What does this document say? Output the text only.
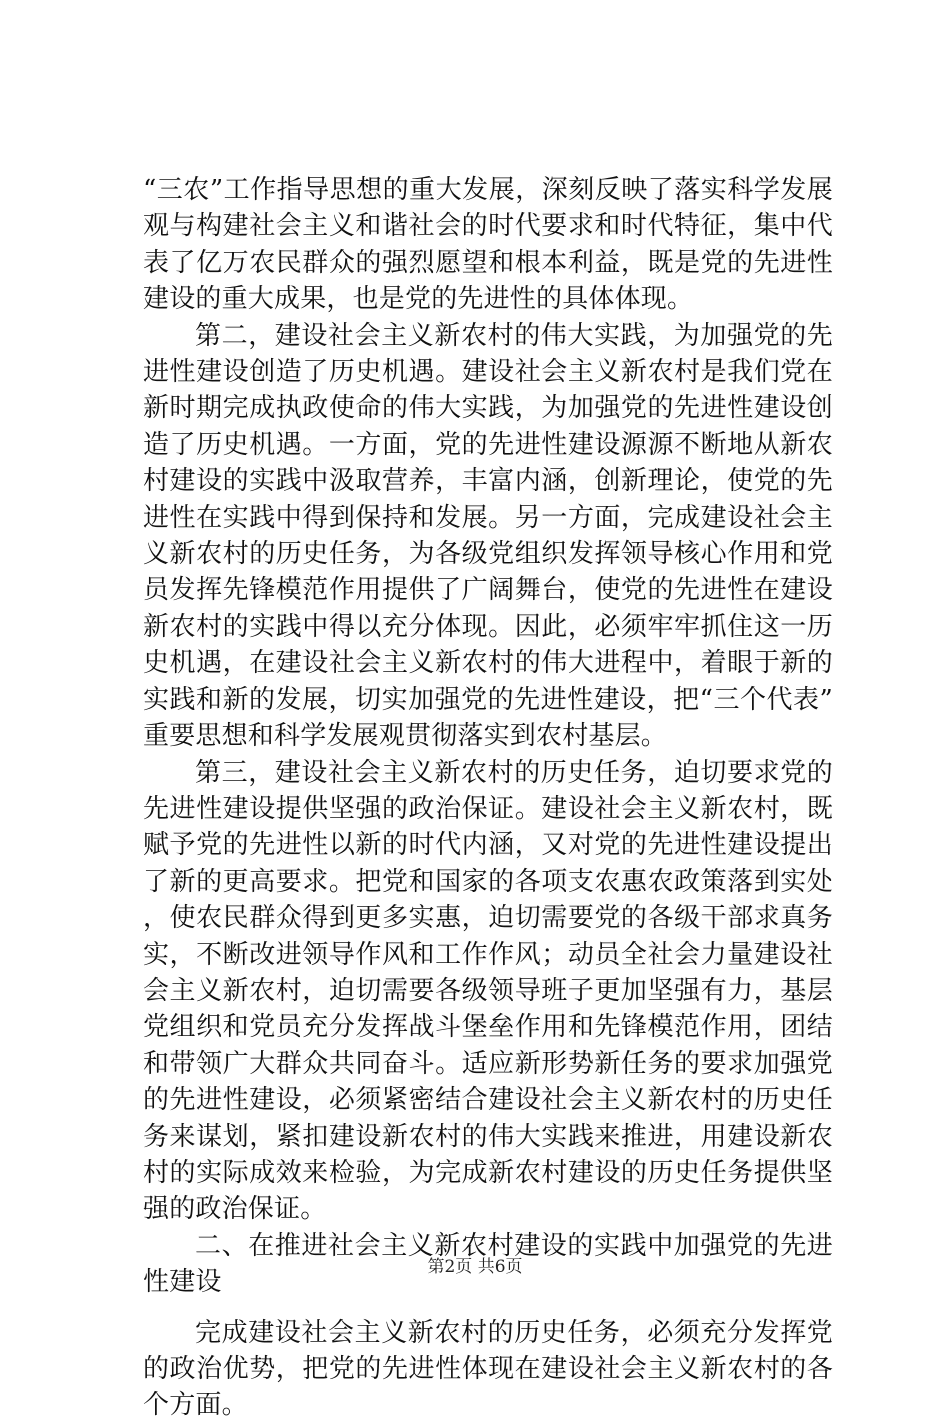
“三农”工作指导思想的重大发展，深刻反映了落实科学发展观与构建社会主义和谐社会的时代要求和时代特征，集中代表了亿万农民群众的强烈愿望和根本利益，既是党的先进性建设的重大成果，也是党的先进性的具体体现。

第二，建设社会主义新农村的伟大实践，为加强党的先进性建设创造了历史机遇。建设社会主义新农村是我们党在新时期完成执政使命的伟大实践，为加强党的先进性建设创造了历史机遇。一方面，党的先进性建设源源不断地从新农村建设的实践中汲取营养，丰富内涵，创新理论，使党的先进性在实践中得到保持和发展。另一方面，完成建设社会主义新农村的历史任务，为各级党组织发挥领导核心作用和党员发挥先锋模范作用提供了广阔舞台，使党的先进性在建设新农村的实践中得以充分体现。因此，必须牢牢抓住这一历史机遇，在建设社会主义新农村的伟大进程中，着眼于新的实践和新的发展，切实加强党的先进性建设，把“三个代表”重要思想和科学发展观贯彻落实到农村基层。

第三，建设社会主义新农村的历史任务，迫切要求党的先进性建设提供坚强的政治保证。建设社会主义新农村，既赋予党的先进性以新的时代内涵，又对党的先进性建设提出了新的更高要求。把党和国家的各项支农惠农政策落到实处，使农民群众得到更多实惠，迫切需要党的各级干部求真务实，不断改进领导作风和工作作风；动员全社会力量建设社会主义新农村，迫切需要各级领导班子更加坚强有力，基层党组织和党员充分发挥战斗堡垒作用和先锋模范作用，团结和带领广大群众共同奋斗。适应新形势新任务的要求加强党的先进性建设，必须紧密结合建设社会主义新农村的历史任务来谋划，紧扣建设新农村的伟大实践来推进，用建设新农村的实际成效来检验，为完成新农村建设的历史任务提供坚强的政治保证。

二、在推进社会主义新农村建设的实践中加强党的先进性建设

完成建设社会主义新农村的历史任务，必须充分发挥党的政治优势，把党的先进性体现在建设社会主义新农村的各个方面。

第2页 共6页
